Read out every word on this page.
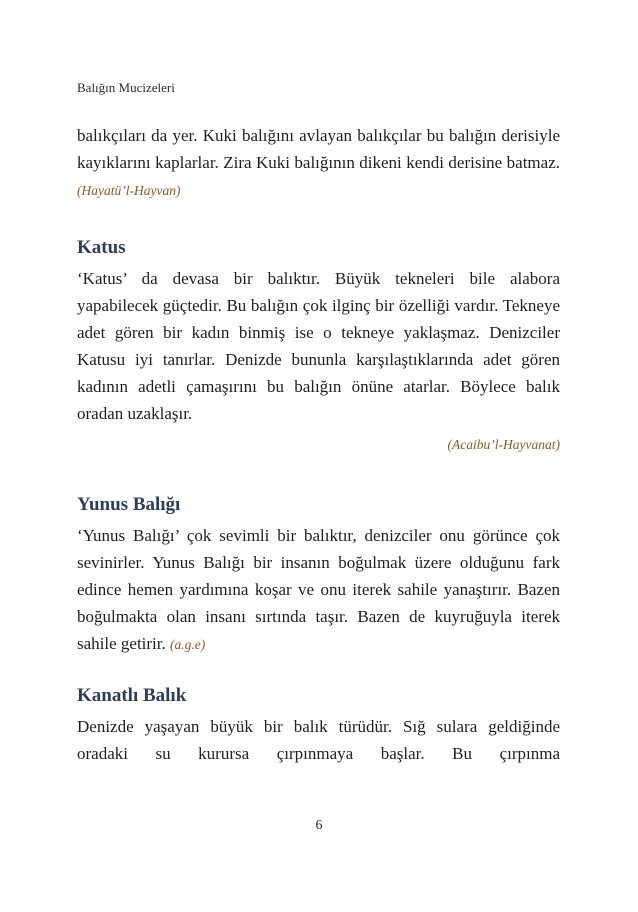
Balığın Mucizeleri

balıkçıları da yer. Kuki balığını avlayan balıkçılar bu balığın derisiyle kayıklarını kaplarlar. Zira Kuki balığının dikeni kendi derisine batmaz. (Hayatü’l-Hayvan)

Katus

‘Katus’ da devasa bir balıktır. Büyük tekneleri bile alabora yapabilecek güçtedir. Bu balığın çok ilginç bir özelliği vardır. Tekneye adet gören bir kadın binmiş ise o tekneye yaklaşmaz. Denizciler Katusu iyi tanırlar. Denizde bununla karşılaştıklarında adet gören kadının adetli çamaşırını bu balığın önüne atarlar. Böylece balık oradan uzaklaşır.

(Acaibu’l-Hayvanat)
Yunus Balığı

‘Yunus Balığı’ çok sevimli bir balıktır, denizciler onu görünce çok sevinirler. Yunus Balığı bir insanın boğulmak üzere olduğunu fark edince hemen yardımına koşar ve onu iterek sahile yanaştırır. Bazen boğulmakta olan insanı sırtında taşır. Bazen de kuyruğuyla iterek sahile getirir. (a.g.e)

Kanatlı Balık

Denizde yaşayan büyük bir balık türüdür. Sığ sulara geldiğinde oradaki su kurursa çırpınmaya başlar. Bu çırpınma

6
